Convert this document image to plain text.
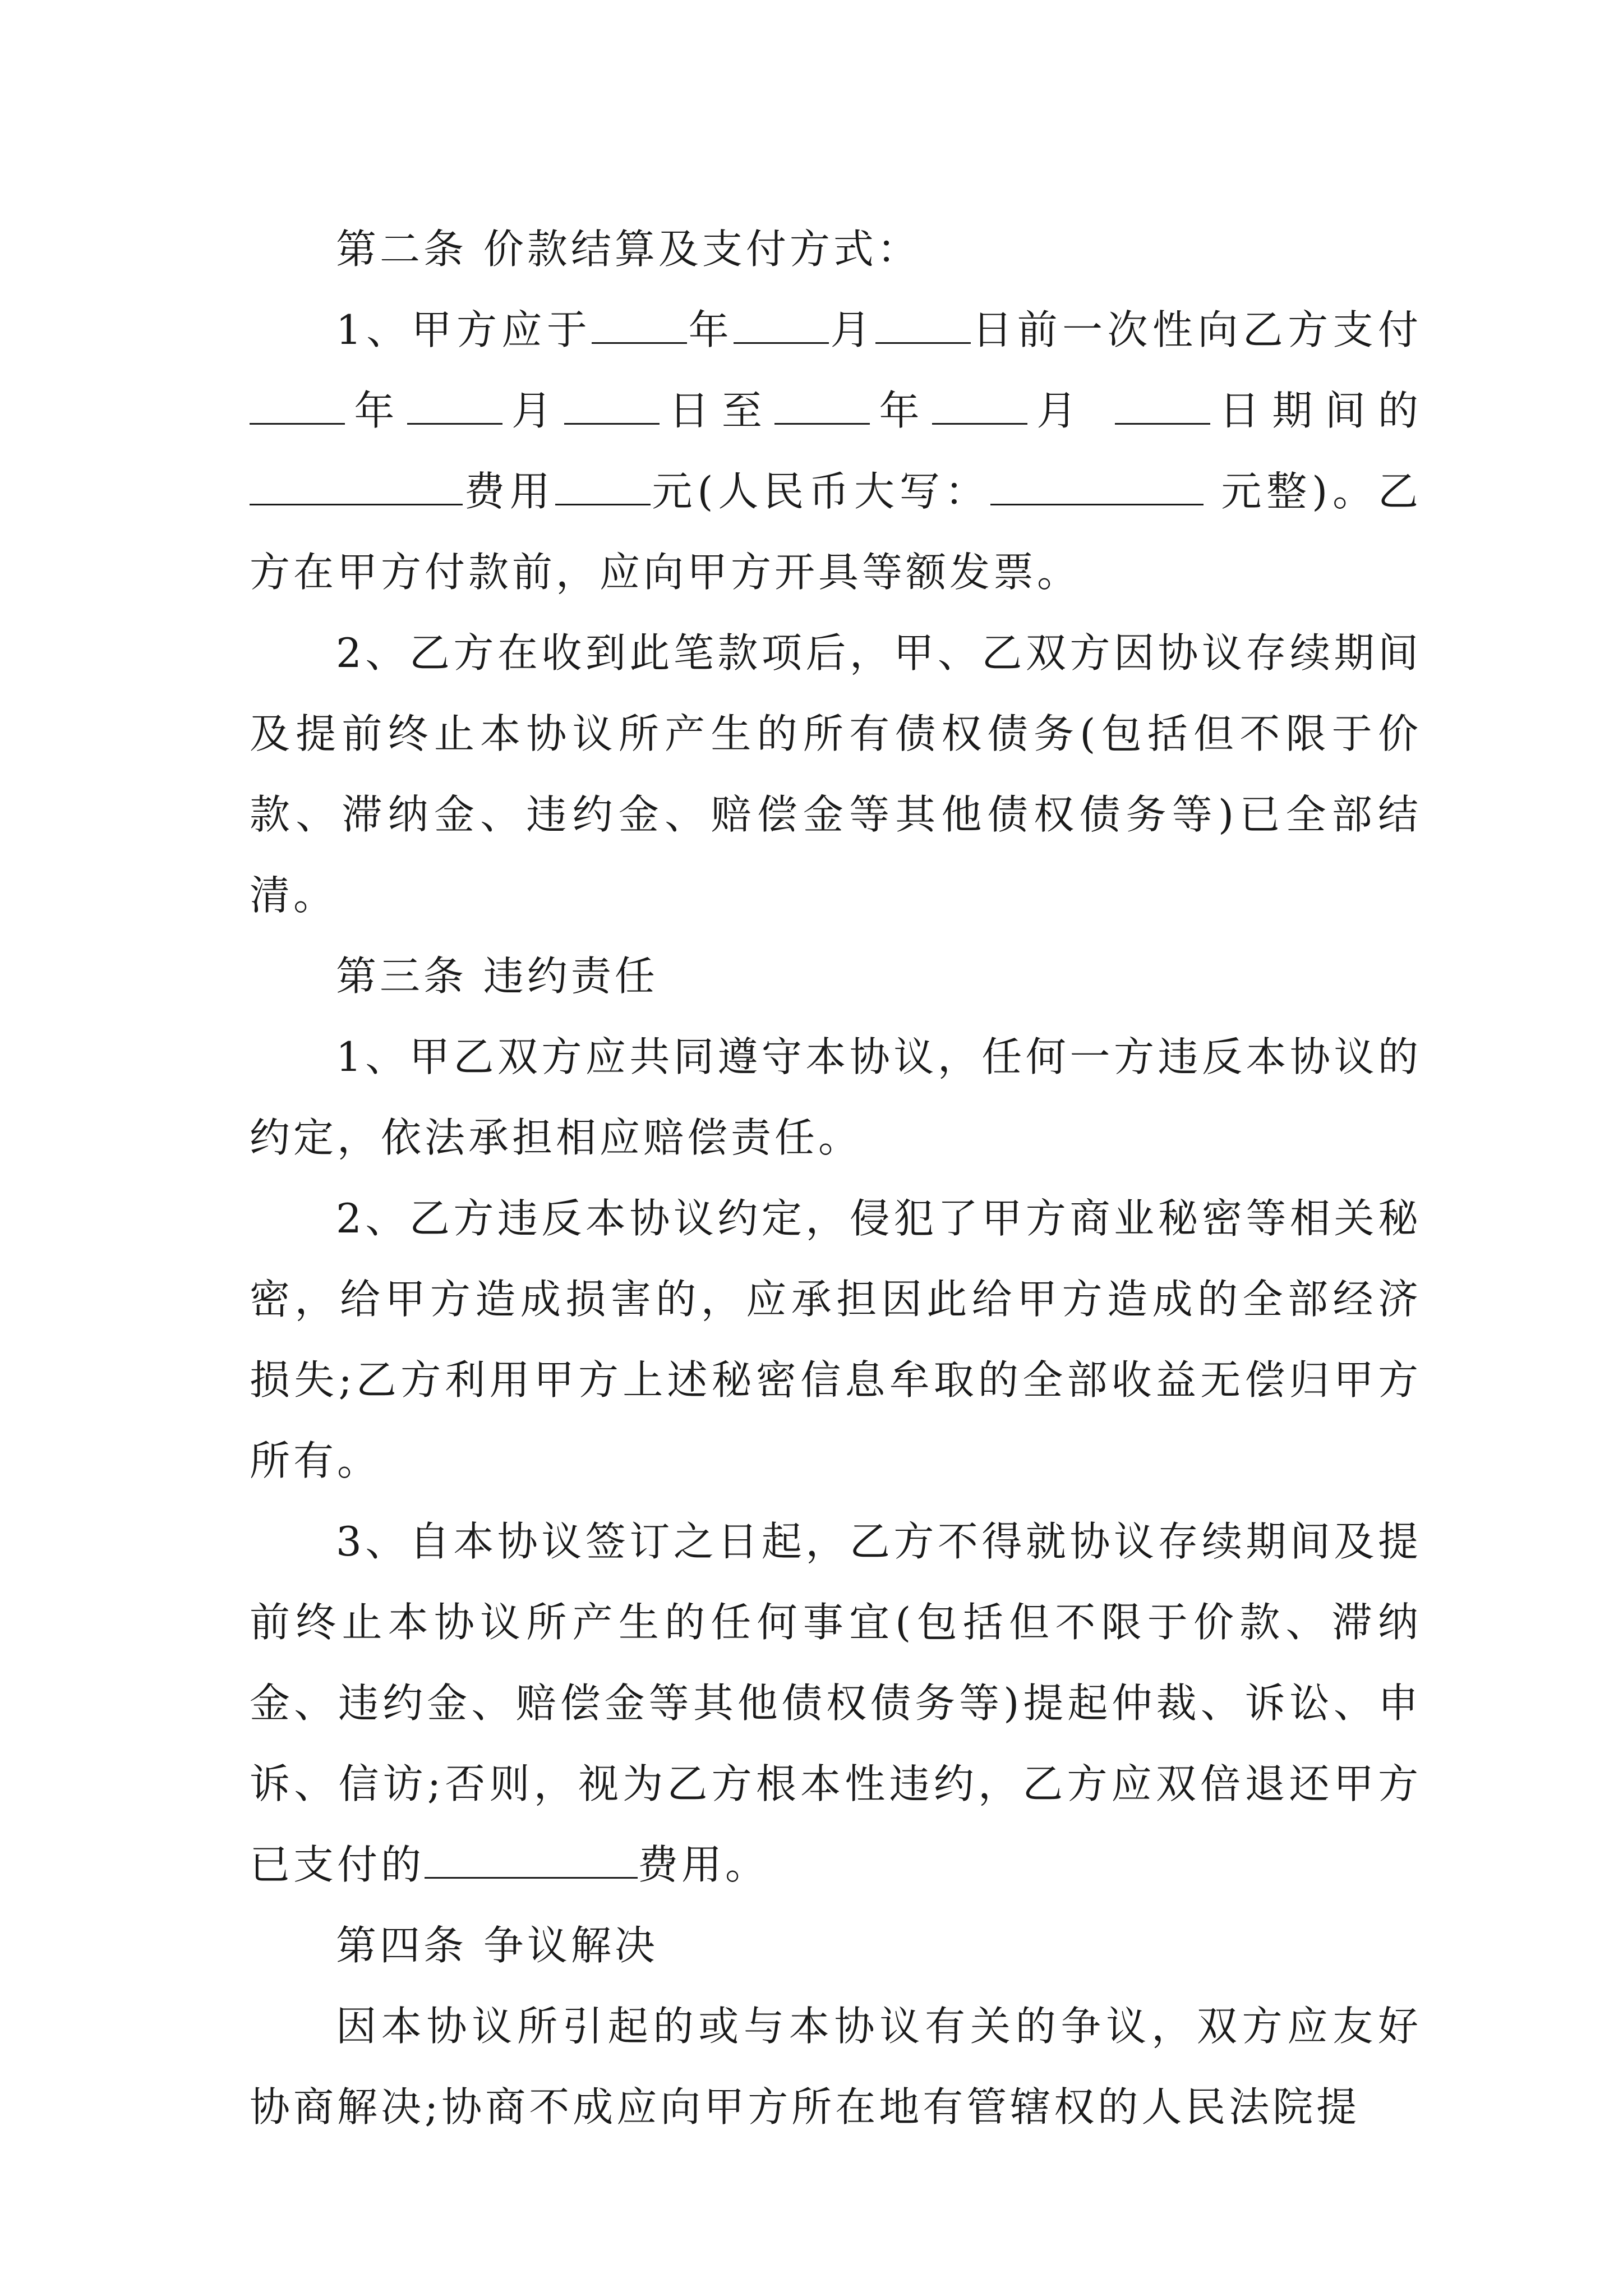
第二条 价款结算及支付方式：

1、甲方应于 年 月 日前一次性向乙方支付年 月 日至 年 月 日期间的费用 元(人民币大写：	元整)。乙方在甲方付款前，应向甲方开具等额发票。

2、乙方在收到此笔款项后，甲、乙双方因协议存续期间及提前终止本协议所产生的所有债权债务(包括但不限于价款、滞纳金、违约金、赔偿金等其他债权债务等)已全部结清。

第三条 违约责任

1、甲乙双方应共同遵守本协议，任何一方违反本协议的约定，依法承担相应赔偿责任。

2、乙方违反本协议约定，侵犯了甲方商业秘密等相关秘密，给甲方造成损害的，应承担因此给甲方造成的全部经济损失;乙方利用甲方上述秘密信息牟取的全部收益无偿归甲方所有。

3、自本协议签订之日起，乙方不得就协议存续期间及提前终止本协议所产生的任何事宜(包括但不限于价款、滞纳金、违约金、赔偿金等其他债权债务等)提起仲裁、诉讼、申诉、信访;否则，视为乙方根本性违约，乙方应双倍退还甲方已支付的	费用。

第四条 争议解决

因本协议所引起的或与本协议有关的争议，双方应友好协商解决;协商不成应向甲方所在地有管辖权的人民法院提
